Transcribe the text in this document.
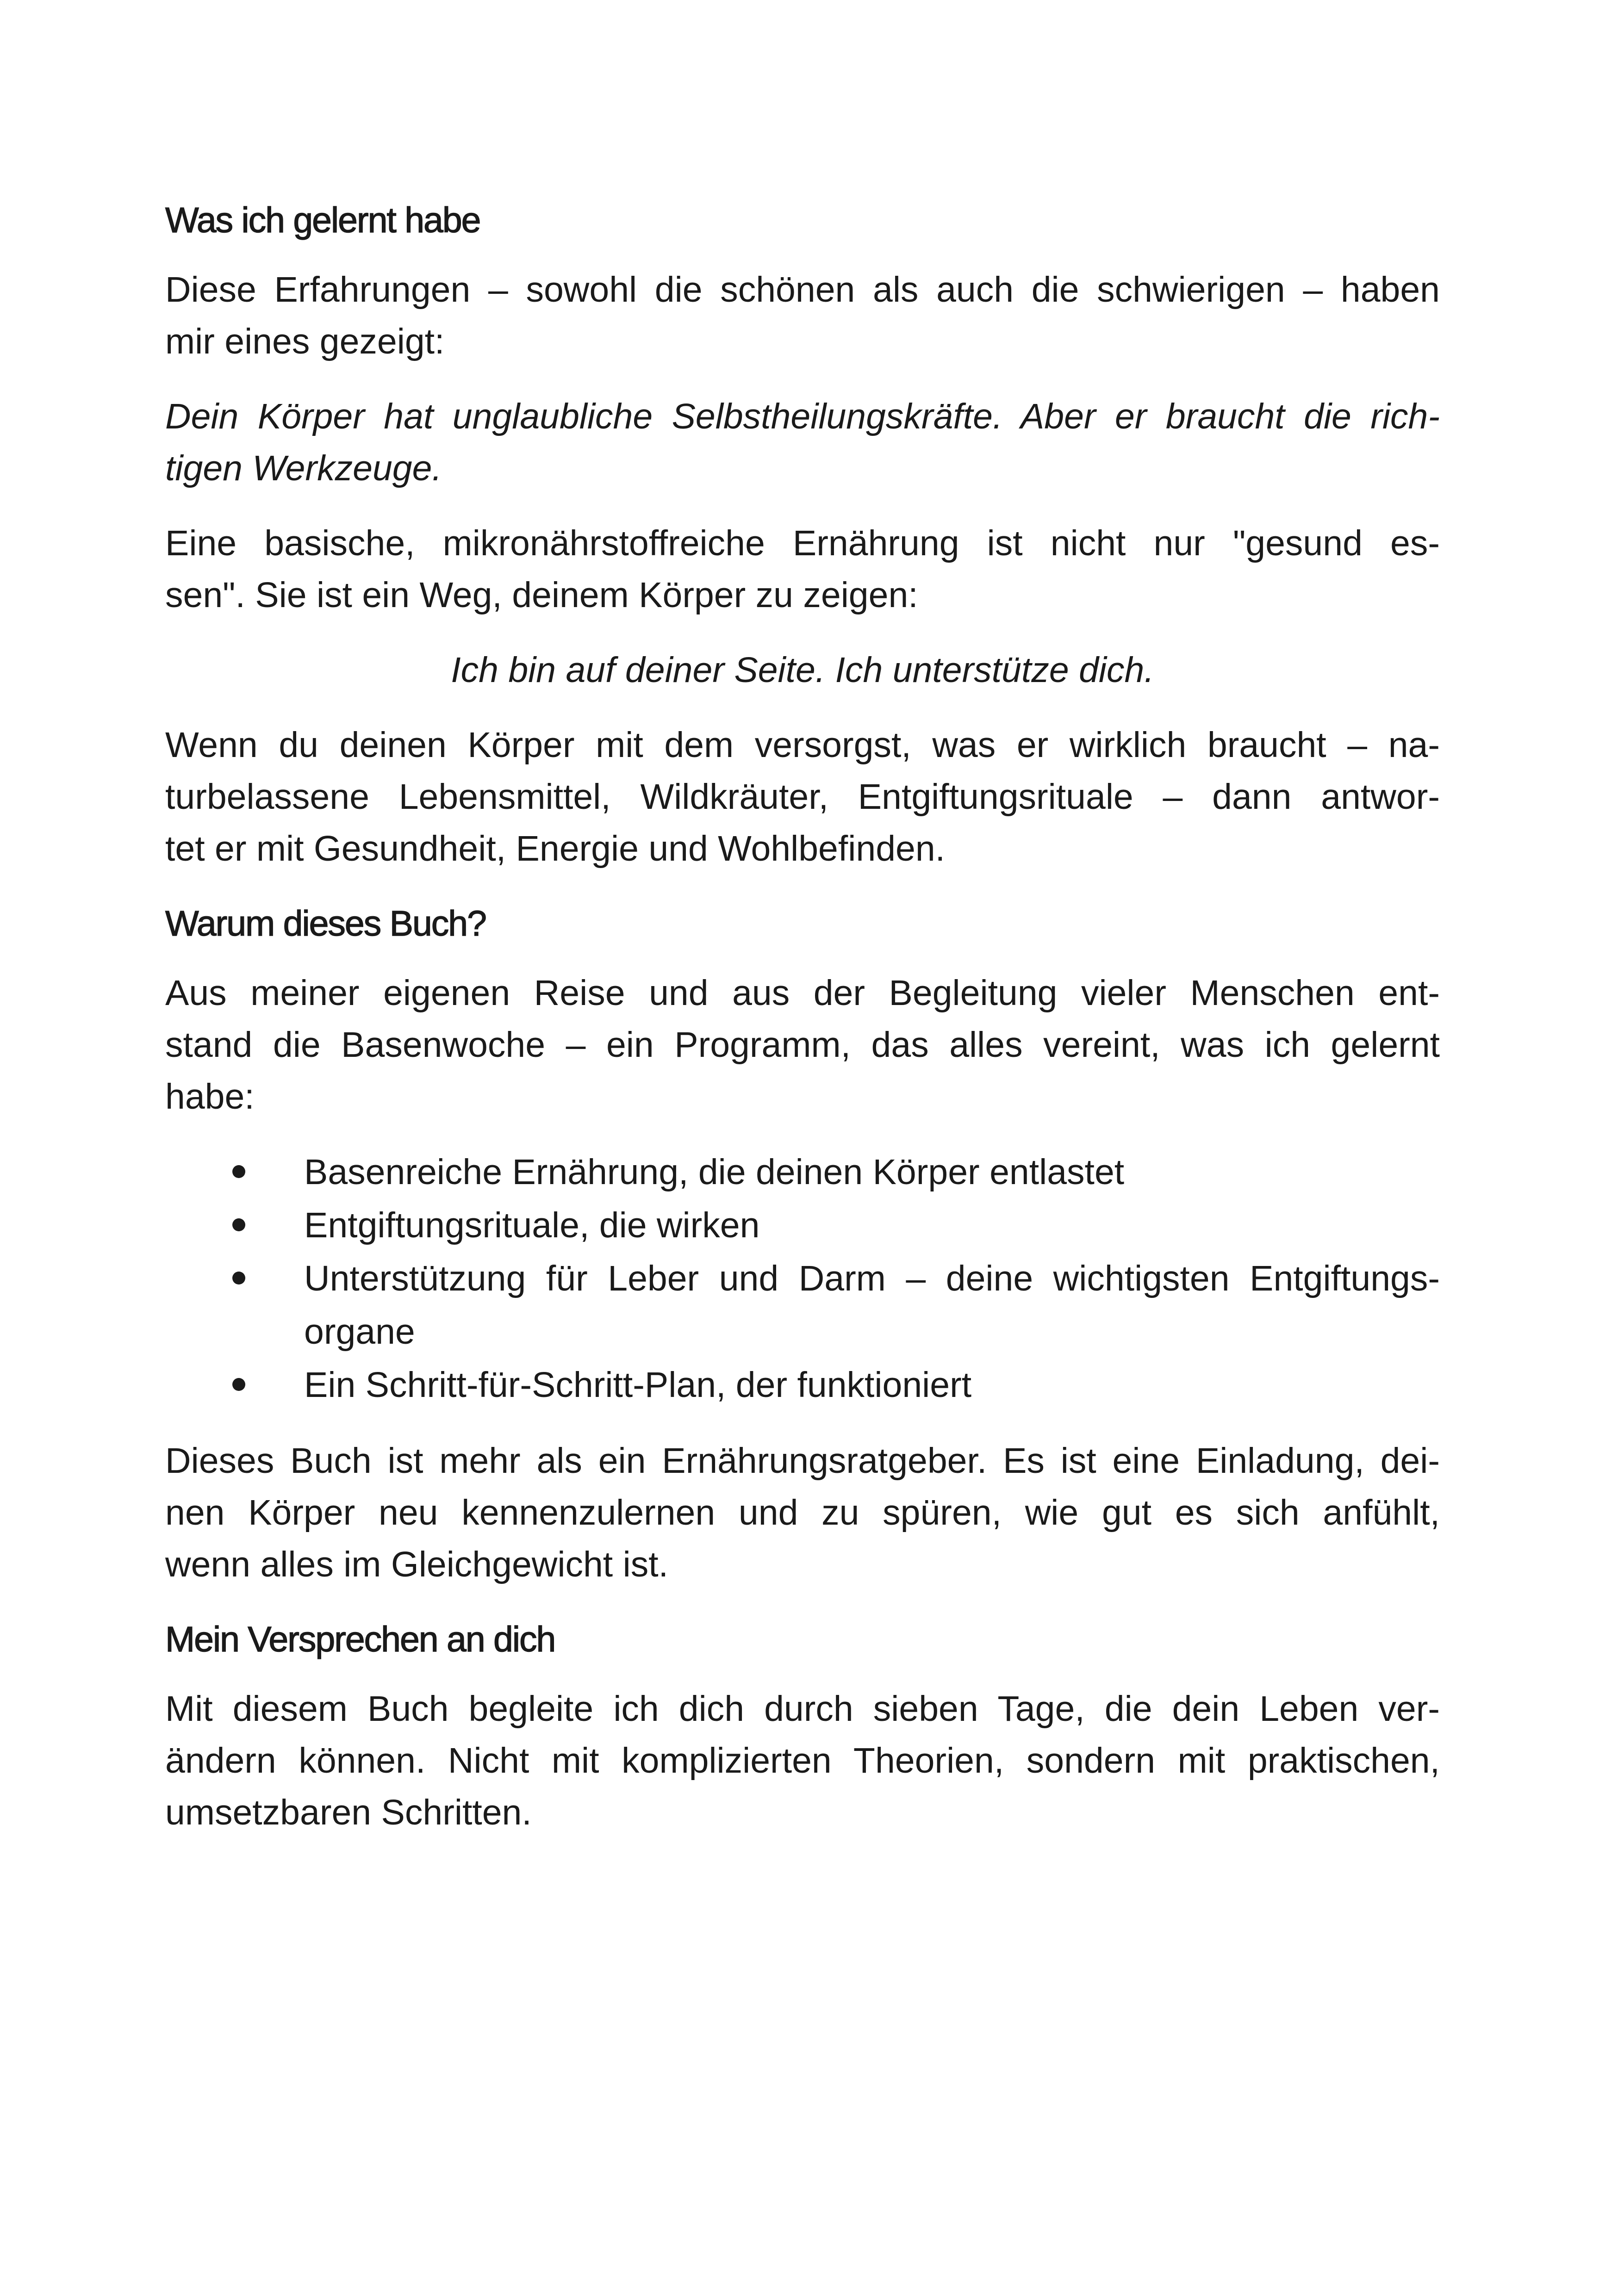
Was ich gelernt habe

Diese Erfahrungen – sowohl die schönen als auch die schwierigen – haben
mir eines gezeigt:

Dein Körper hat unglaubliche Selbstheilungskräfte. Aber er braucht die rich-
tigen Werkzeuge.

Eine basische, mikronährstoffreiche Ernährung ist nicht nur "gesund es-
sen". Sie ist ein Weg, deinem Körper zu zeigen:

Ich bin auf deiner Seite. Ich unterstütze dich.

Wenn du deinen Körper mit dem versorgst, was er wirklich braucht – na-
turbelassene Lebensmittel, Wildkräuter, Entgiftungsrituale – dann antwor-
tet er mit Gesundheit, Energie und Wohlbefinden.

Warum dieses Buch?

Aus meiner eigenen Reise und aus der Begleitung vieler Menschen ent-
stand die Basenwoche – ein Programm, das alles vereint, was ich gelernt
habe:

Basenreiche Ernährung, die deinen Körper entlastet
Entgiftungsrituale, die wirken
Unterstützung für Leber und Darm – deine wichtigsten Entgiftungs-
organe
Ein Schritt-für-Schritt-Plan, der funktioniert

Dieses Buch ist mehr als ein Ernährungsratgeber. Es ist eine Einladung, dei-
nen Körper neu kennenzulernen und zu spüren, wie gut es sich anfühlt,
wenn alles im Gleichgewicht ist.

Mein Versprechen an dich

Mit diesem Buch begleite ich dich durch sieben Tage, die dein Leben ver-
ändern können. Nicht mit komplizierten Theorien, sondern mit praktischen,
umsetzbaren Schritten.
